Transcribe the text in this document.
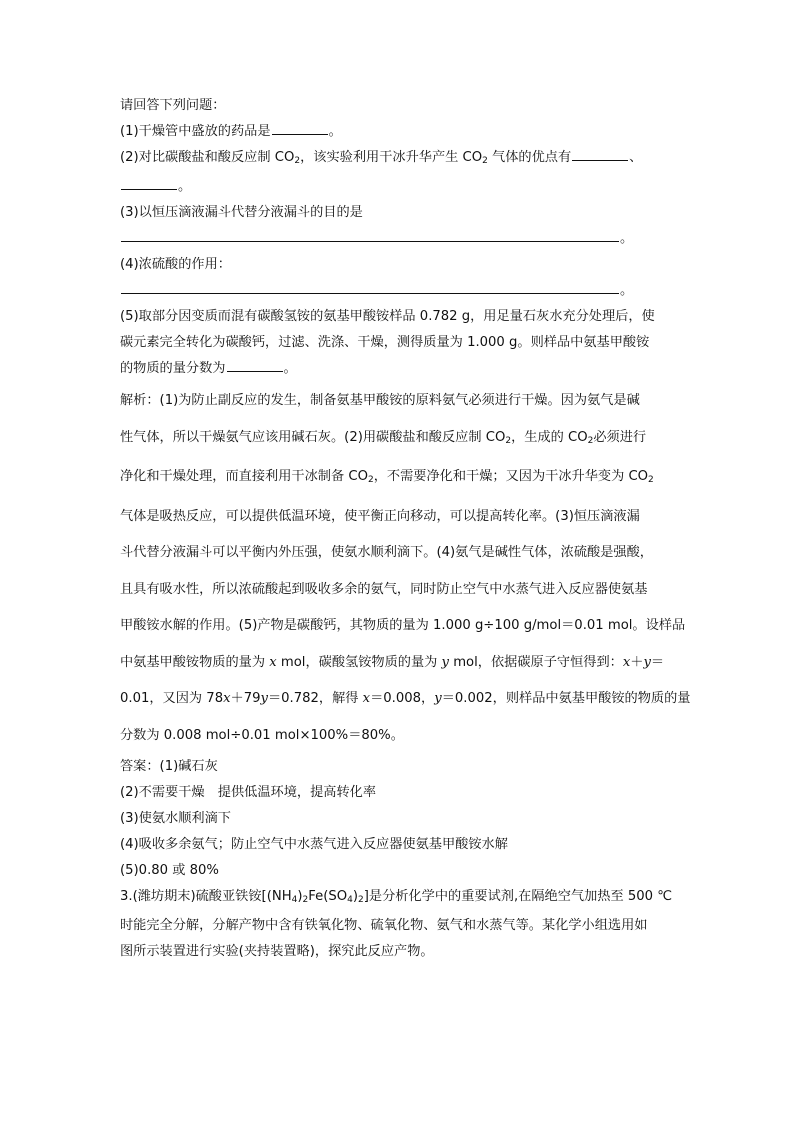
请回答下列问题：
(1)干燥管中盛放的药品是	。
(2)对比碳酸盐和酸反应制 $CO_2$，该实验利用干冰升华产生 $CO_2$ 气体的优点有	、
。
(3)以恒压滴液漏斗代替分液漏斗的目的是
。
(4)浓硫酸的作用：
。
(5)取部分因变质而混有碳酸氢铵的氨基甲酸铵样品 0.782 g，用足量石灰水充分处理后，使
碳元素完全转化为碳酸钙，过滤、洗涤、干燥，测得质量为 1.000 g。则样品中氨基甲酸铵
的物质的量分数为	。
解析：(1)为防止副反应的发生，制备氨基甲酸铵的原料氨气必须进行干燥。因为氨气是碱
性气体，所以干燥氨气应该用碱石灰。(2)用碳酸盐和酸反应制 $CO_2$，生成的 $CO_2$必须进行
净化和干燥处理，而直接利用干冰制备 $CO_2$，不需要净化和干燥；又因为干冰升华变为 $CO_2$
气体是吸热反应，可以提供低温环境，使平衡正向移动，可以提高转化率。(3)恒压滴液漏
斗代替分液漏斗可以平衡内外压强，使氨水顺利滴下。(4)氨气是碱性气体，浓硫酸是强酸，
且具有吸水性，所以浓硫酸起到吸收多余的氨气，同时防止空气中水蒸气进入反应器使氨基
甲酸铵水解的作用。(5)产物是碳酸钙，其物质的量为 1.000 g÷100 g/mol＝0.01 mol。设样品
中氨基甲酸铵物质的量为 x mol，碳酸氢铵物质的量为 y mol，依据碳原子守恒得到：x＋y＝
0.01，又因为 78x＋79y＝0.782，解得 x＝0.008，y＝0.002，则样品中氨基甲酸铵的物质的量
分数为 0.008 mol÷0.01 mol×100%＝80%。
答案：(1)碱石灰
(2)不需要干燥　提供低温环境，提高转化率
(3)使氨水顺利滴下
(4)吸收多余氨气；防止空气中水蒸气进入反应器使氨基甲酸铵水解
(5)0.80 或 80%
3.(潍坊期末)硫酸亚铁铵$[(NH_4)_2Fe(SO_4)_2]$是分析化学中的重要试剂,在隔绝空气加热至 500 ℃
时能完全分解，分解产物中含有铁氧化物、硫氧化物、氨气和水蒸气等。某化学小组选用如
图所示装置进行实验(夹持装置略)，探究此反应产物。
